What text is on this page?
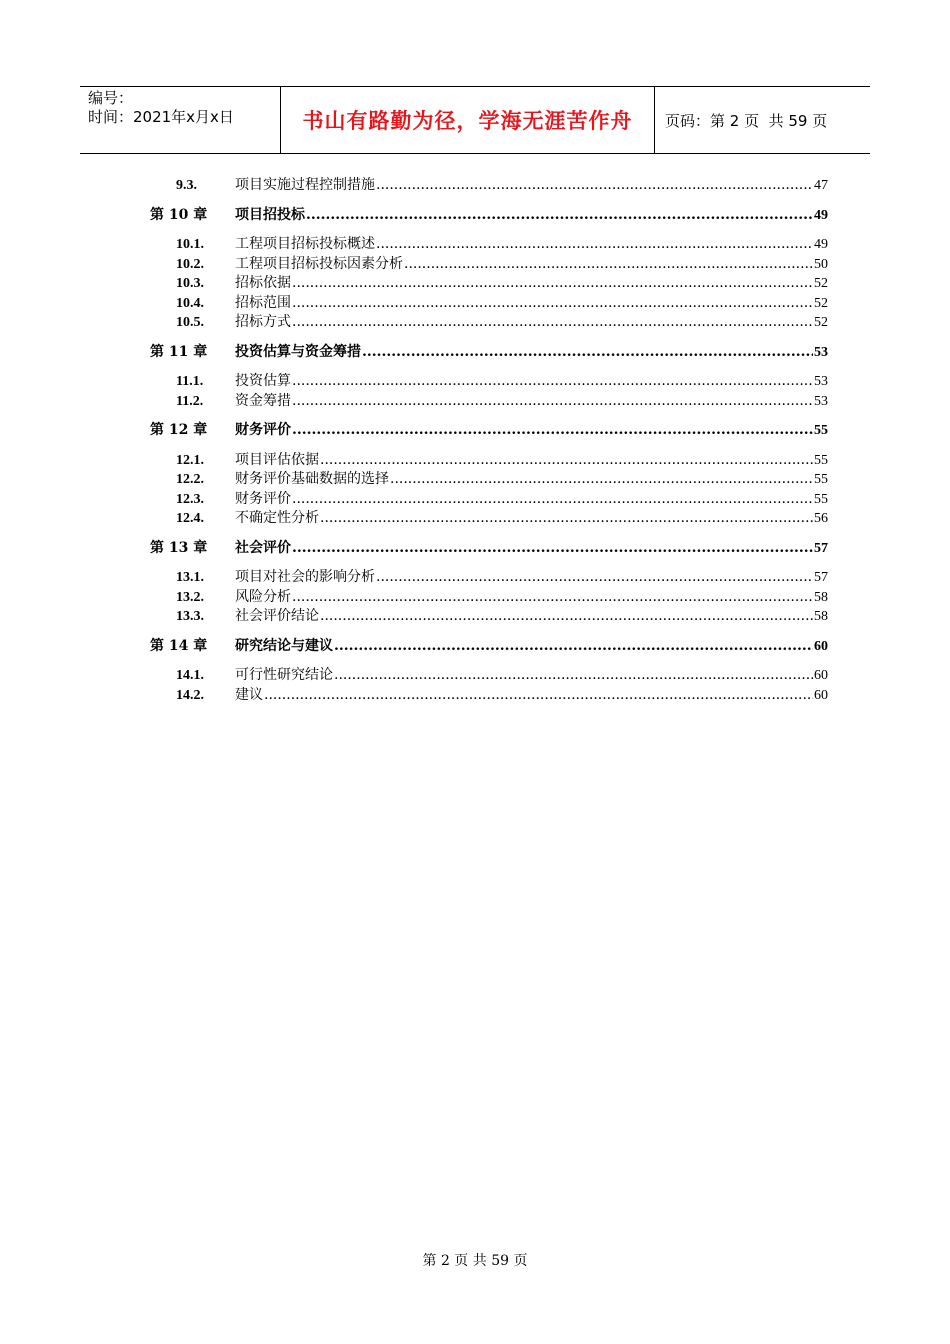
编号：
时间：2021年x月x日	书山有路勤为径，学海无涯苦作舟	页码：第 2 页  共 59 页
9.3.	项目实施过程控制措施 .....	47
第 10 章	项目招投标 .....	49
10.1.	工程项目招标投标概述 .....	49
10.2.	工程项目招标投标因素分析 .....	50
10.3.	招标依据 .....	52
10.4.	招标范围 .....	52
10.5.	招标方式 .....	52
第 11 章	投资估算与资金筹措 .....	53
11.1.	投资估算 .....	53
11.2.	资金筹措 .....	53
第 12 章	财务评价 .....	55
12.1.	项目评估依据 .....	55
12.2.	财务评价基础数据的选择 .....	55
12.3.	财务评价 .....	55
12.4.	不确定性分析 .....	56
第 13 章	社会评价 .....	57
13.1.	项目对社会的影响分析 .....	57
13.2.	风险分析 .....	58
13.3.	社会评价结论 .....	58
第 14 章	研究结论与建议 .....	60
14.1.	可行性研究结论 .....	60
14.2.	建议 .....	60
第 2 页 共 59 页
